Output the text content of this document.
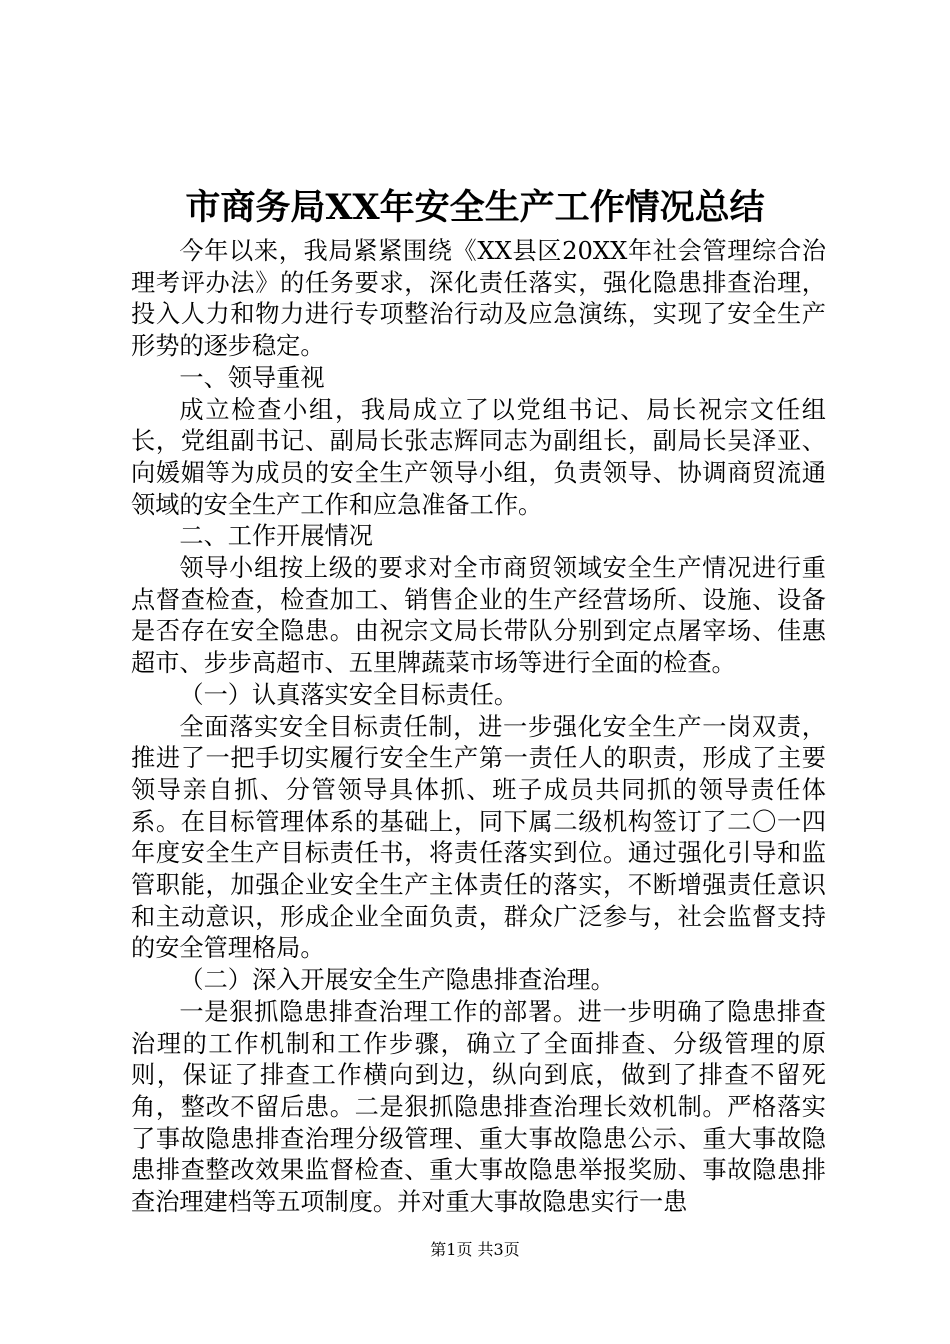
市商务局XX年安全生产工作情况总结

今年以来，我局紧紧围绕《XX县区20XX年社会管理综合治理考评办法》的任务要求，深化责任落实，强化隐患排查治理，投入人力和物力进行专项整治行动及应急演练，实现了安全生产形势的逐步稳定。

一、领导重视

成立检查小组，我局成立了以党组书记、局长祝宗文任组长，党组副书记、副局长张志辉同志为副组长，副局长吴泽亚、向媛媚等为成员的安全生产领导小组，负责领导、协调商贸流通领域的安全生产工作和应急准备工作。

二、工作开展情况

领导小组按上级的要求对全市商贸领域安全生产情况进行重点督查检查，检查加工、销售企业的生产经营场所、设施、设备是否存在安全隐患。由祝宗文局长带队分别到定点屠宰场、佳惠超市、步步高超市、五里牌蔬菜市场等进行全面的检查。

（一）认真落实安全目标责任。

全面落实安全目标责任制，进一步强化安全生产一岗双责，推进了一把手切实履行安全生产第一责任人的职责，形成了主要领导亲自抓、分管领导具体抓、班子成员共同抓的领导责任体系。在目标管理体系的基础上，同下属二级机构签订了二〇一四年度安全生产目标责任书，将责任落实到位。通过强化引导和监管职能，加强企业安全生产主体责任的落实，不断增强责任意识和主动意识，形成企业全面负责，群众广泛参与，社会监督支持的安全管理格局。

（二）深入开展安全生产隐患排查治理。

一是狠抓隐患排查治理工作的部署。进一步明确了隐患排查治理的工作机制和工作步骤，确立了全面排查、分级管理的原则，保证了排查工作横向到边，纵向到底，做到了排查不留死角，整改不留后患。二是狠抓隐患排查治理长效机制。严格落实了事故隐患排查治理分级管理、重大事故隐患公示、重大事故隐患排查整改效果监督检查、重大事故隐患举报奖励、事故隐患排查治理建档等五项制度。并对重大事故隐患实行一患

第1页 共3页
